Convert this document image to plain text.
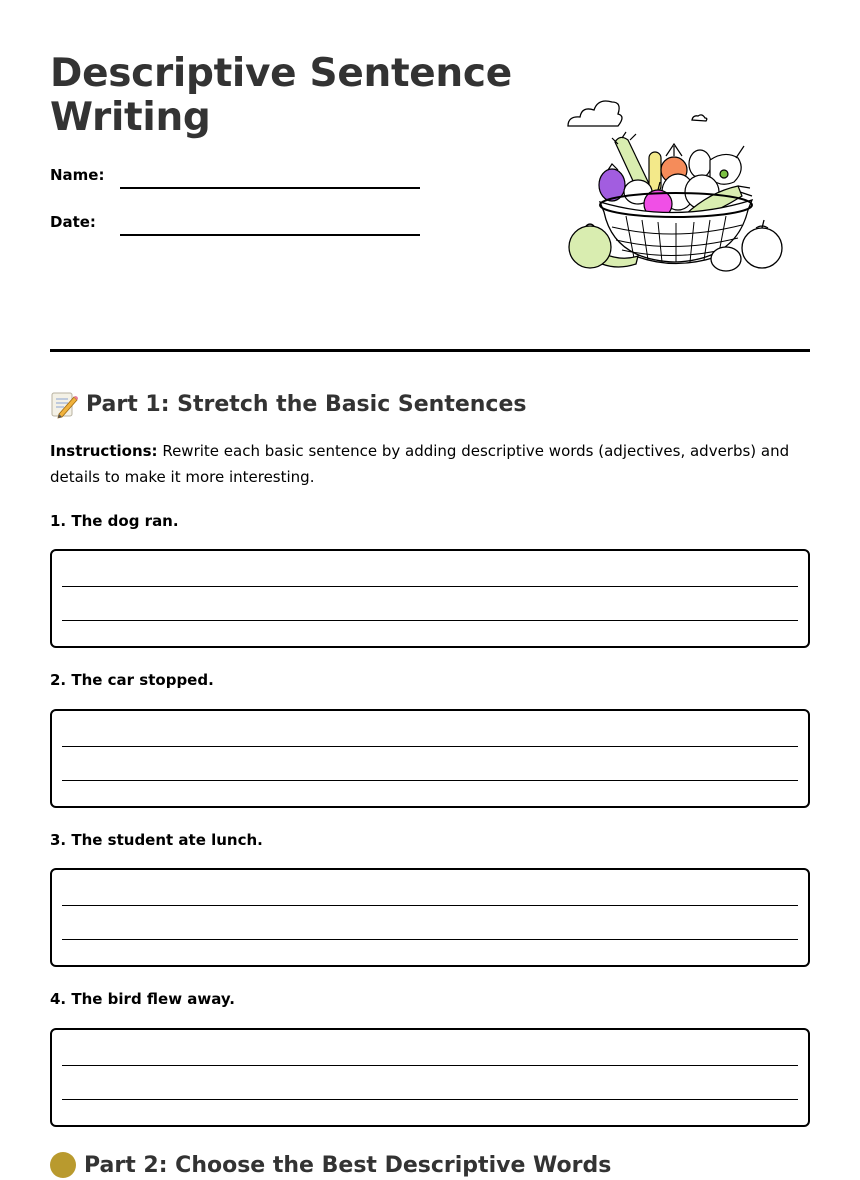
Descriptive Sentence Writing
Name:
Date:
Part 1: Stretch the Basic Sentences
Instructions: Rewrite each basic sentence by adding descriptive words (adjectives, adverbs) and details to make it more interesting.
1. The dog ran.
2. The car stopped.
3. The student ate lunch.
4. The bird flew away.
Part 2: Choose the Best Descriptive Words
